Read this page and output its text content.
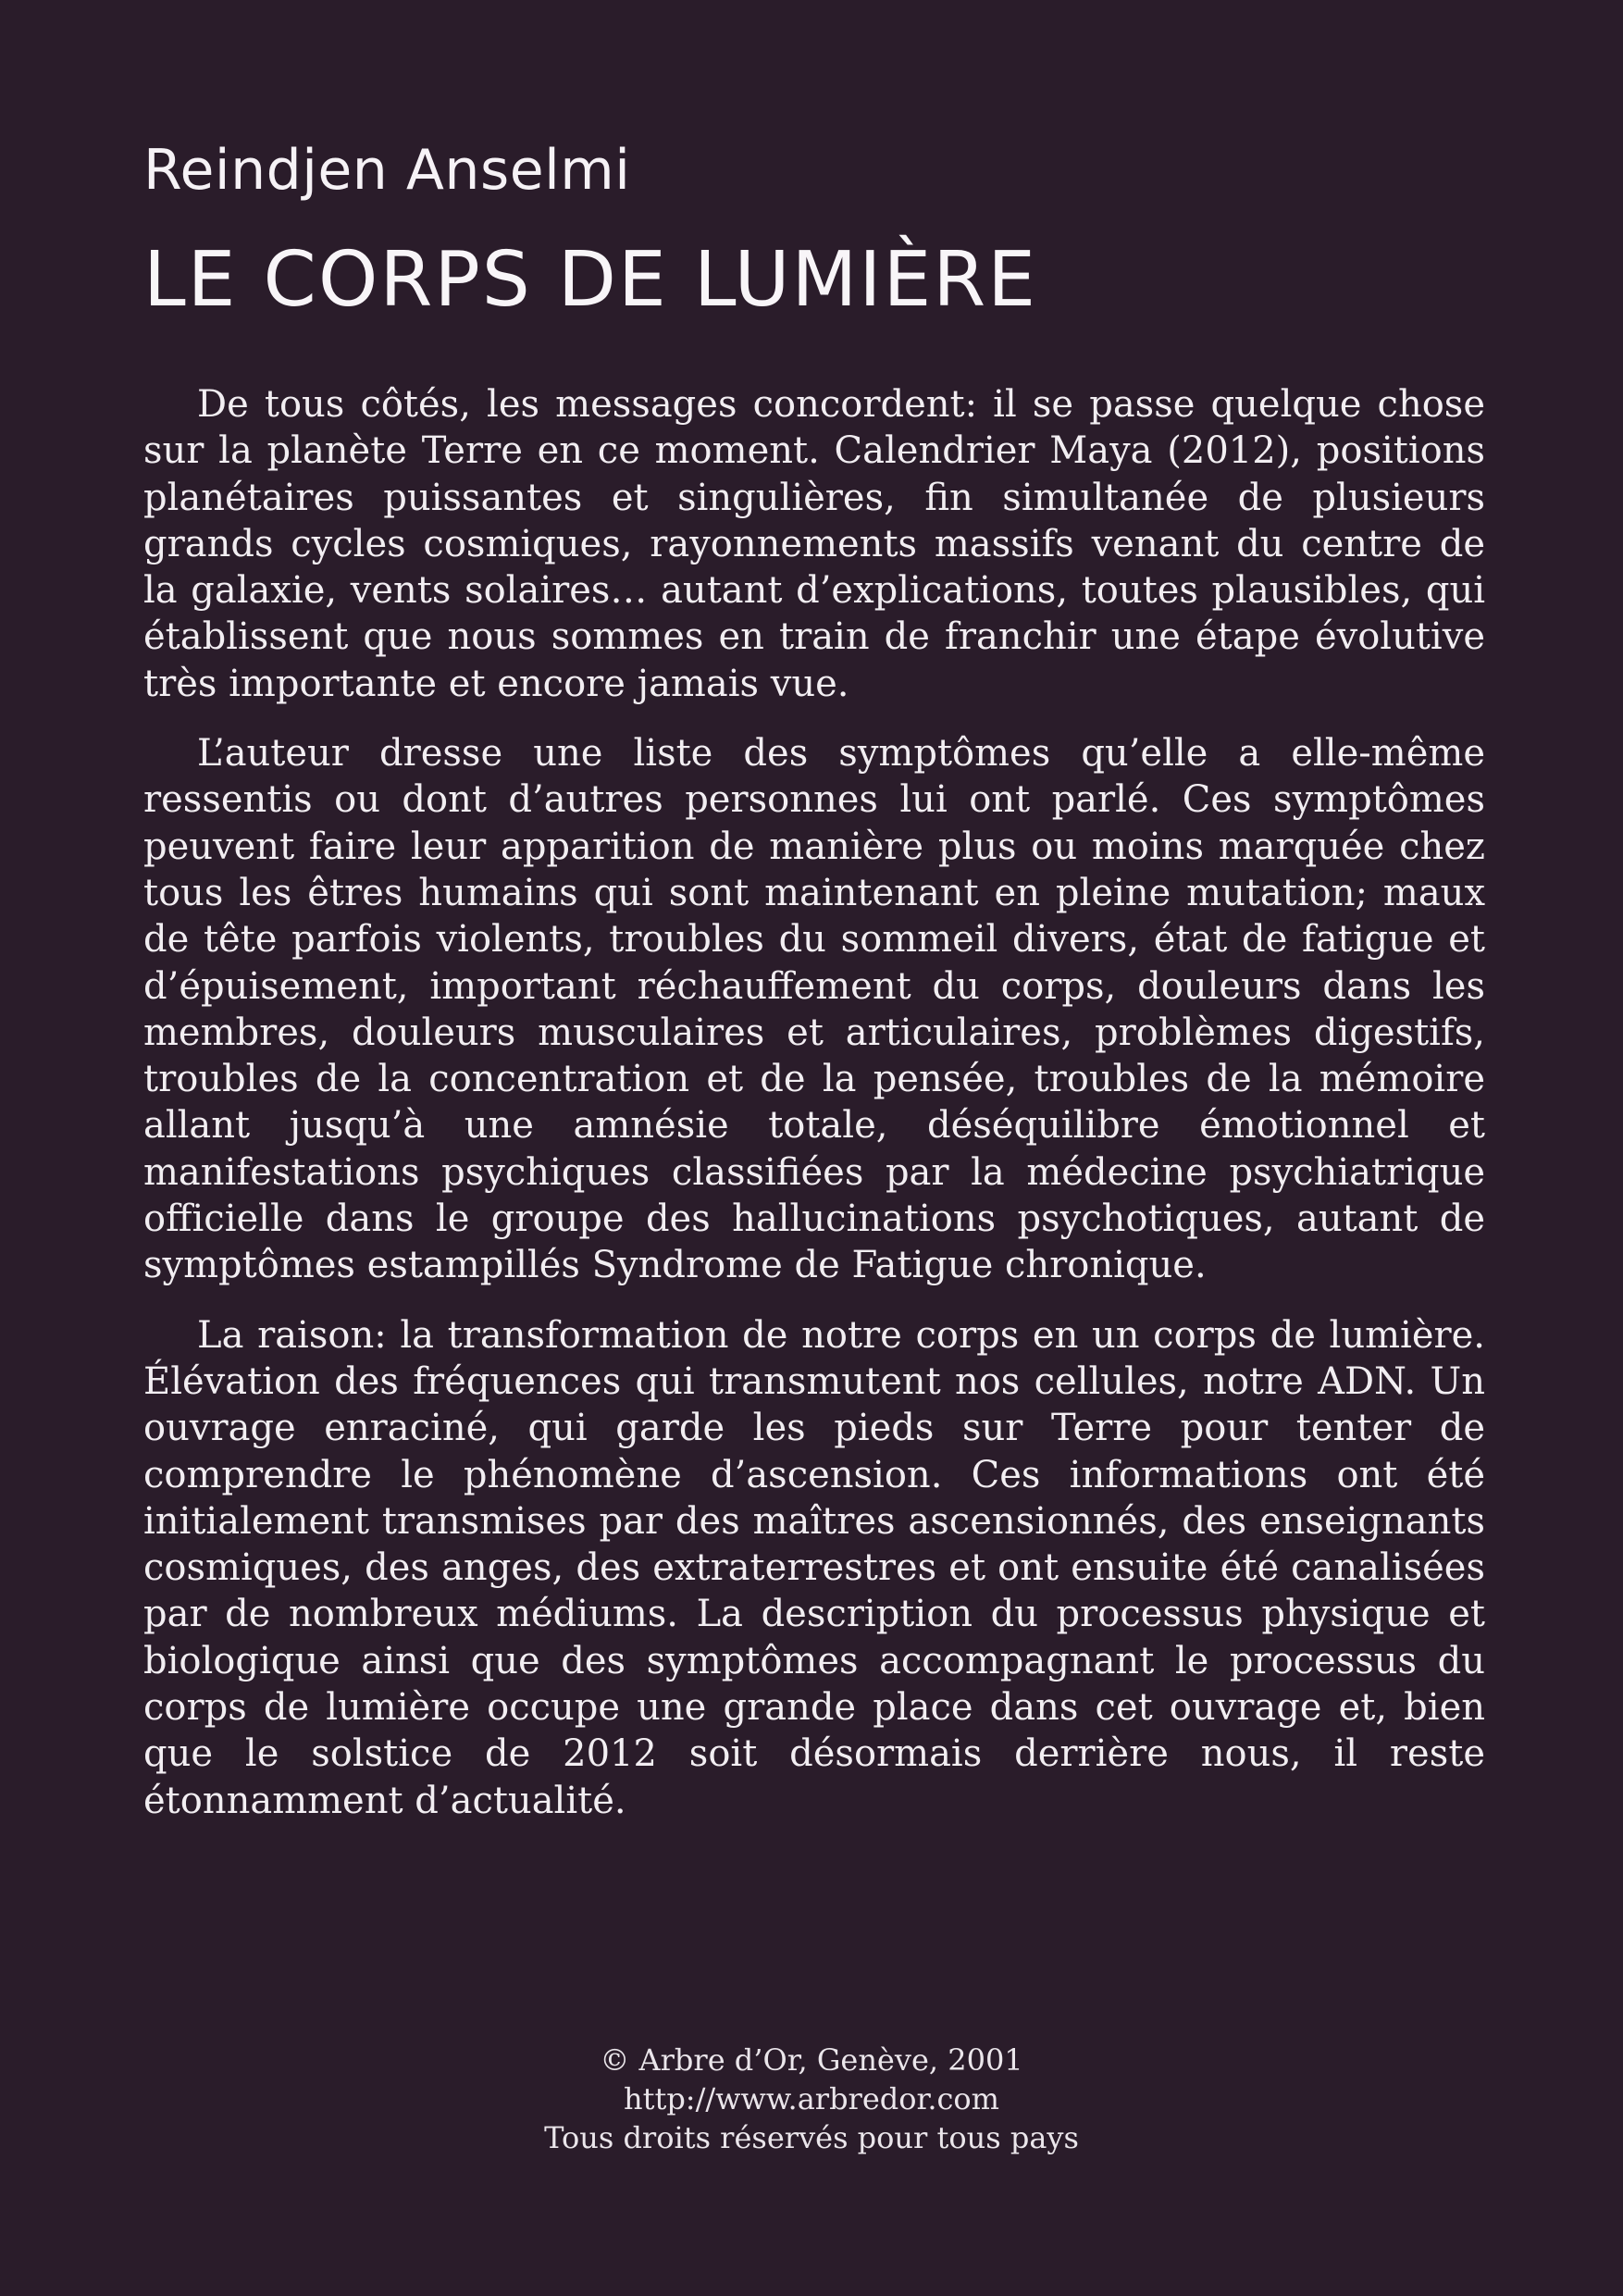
Reindjen Anselmi
LE CORPS DE LUMIÈRE

De tous côtés, les messages concordent: il se passe quelque chose sur la planète Terre en ce moment. Calendrier Maya (2012), positions planétaires puissantes et singulières, fin simultanée de plusieurs grands cycles cosmiques, rayonnements massifs venant du centre de la galaxie, vents solaires… autant d’explications, toutes plausibles, qui établissent que nous sommes en train de franchir une étape évolutive très importante et encore jamais vue.

L’auteur dresse une liste des symptômes qu’elle a elle-même ressentis ou dont d’autres personnes lui ont parlé. Ces symptômes peuvent faire leur apparition de manière plus ou moins marquée chez tous les êtres humains qui sont maintenant en pleine mutation; maux de tête parfois violents, troubles du sommeil divers, état de fatigue et d’épuisement, important réchauffement du corps, douleurs dans les membres, douleurs musculaires et articulaires, problèmes digestifs, troubles de la concentration et de la pensée, troubles de la mémoire allant jusqu’à une amnésie totale, déséquilibre émotionnel et manifestations psychiques classifiées par la médecine psychiatrique officielle dans le groupe des hallucinations psychotiques, autant de symptômes estampillés Syndrome de Fatigue chronique.

La raison: la transformation de notre corps en un corps de lumière. Élévation des fréquences qui transmutent nos cellules, notre ADN. Un ouvrage enraciné, qui garde les pieds sur Terre pour tenter de comprendre le phénomène d’ascension. Ces informations ont été initialement transmises par des maîtres ascensionnés, des enseignants cosmiques, des anges, des extraterrestres et ont ensuite été canalisées par de nombreux médiums. La description du processus physique et biologique ainsi que des symptômes accompagnant le processus du corps de lumière occupe une grande place dans cet ouvrage et, bien que le solstice de 2012 soit désormais derrière nous, il reste étonnamment d’actualité.

© Arbre d’Or, Genève, 2001
http://www.arbredor.com
Tous droits réservés pour tous pays
